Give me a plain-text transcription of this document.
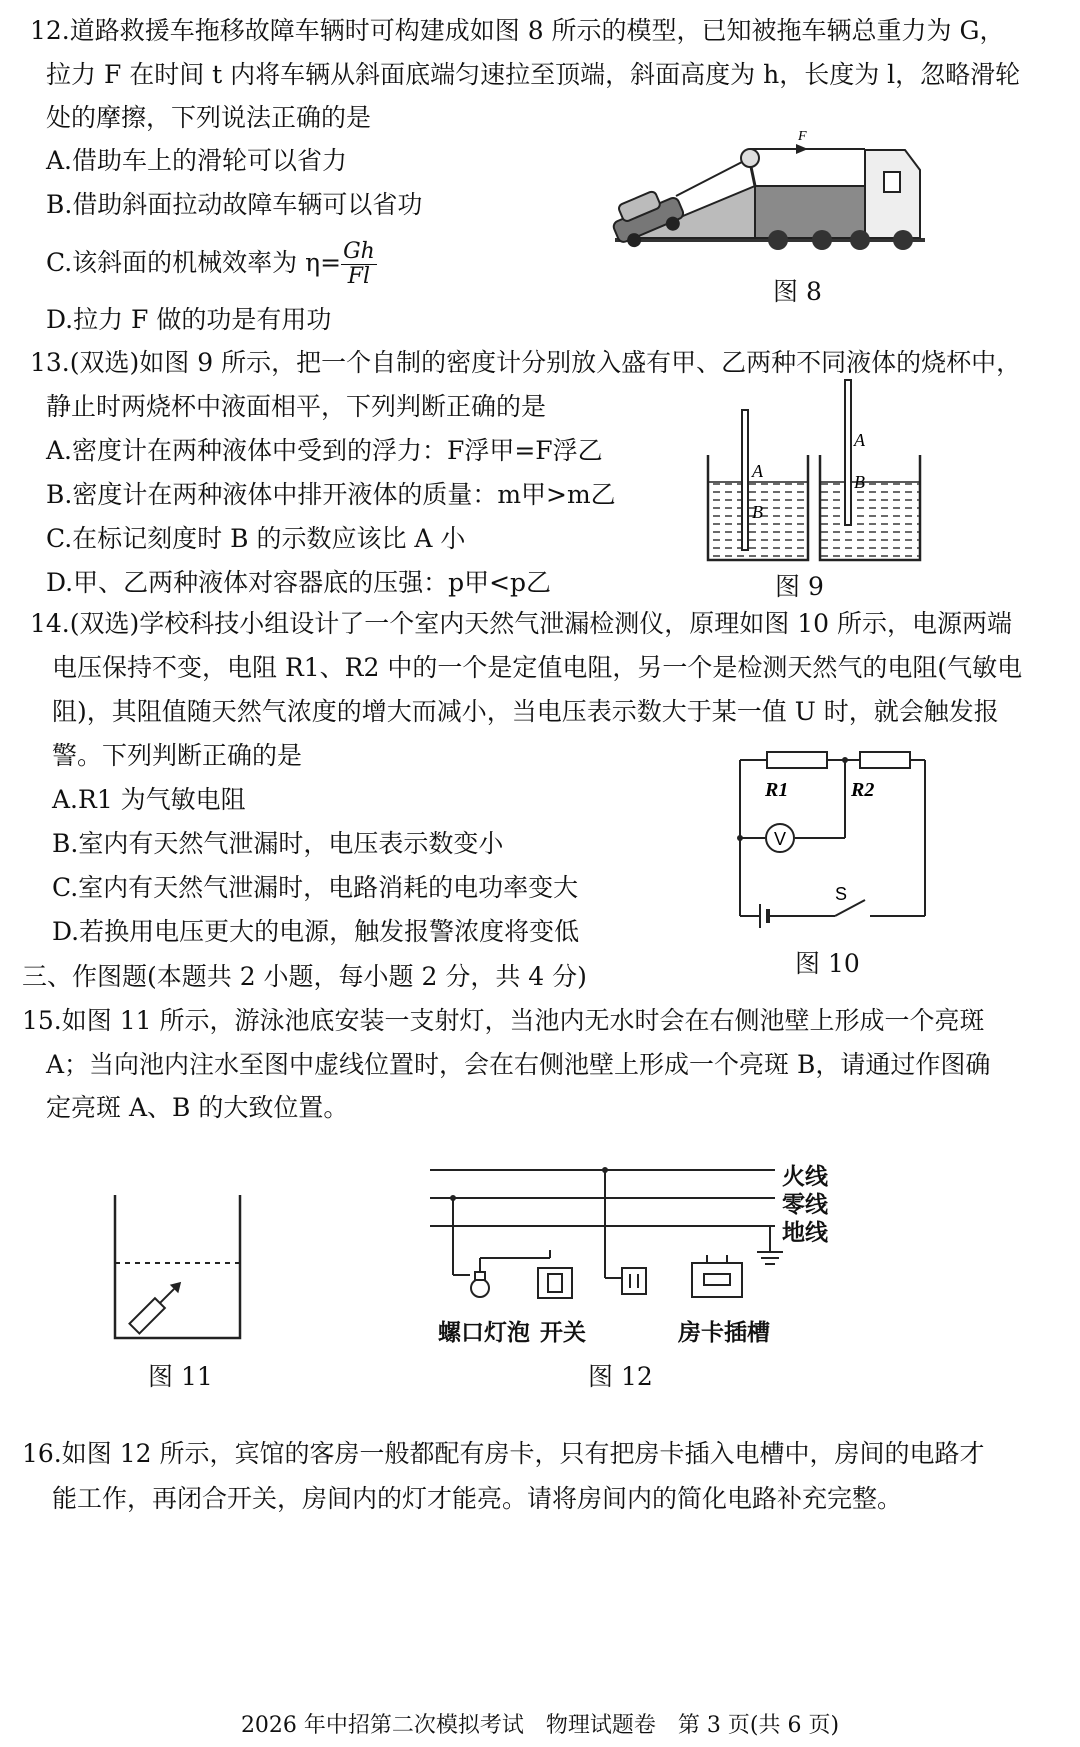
12.道路救援车拖移故障车辆时可构建成如图 8 所示的模型，已知被拖车辆总重力为 G，
拉力 F 在时间 t 内将车辆从斜面底端匀速拉至顶端，斜面高度为 h，长度为 l，忽略滑轮
处的摩擦，下列说法正确的是
A.借助车上的滑轮可以省力
B.借助斜面拉动故障车辆可以省功
C.该斜面的机械效率为 $\eta= \frac{Gh}{Fl}$
D.拉力 F 做的功是有用功
F
图 8
13.(双选)如图 9 所示，把一个自制的密度计分别放入盛有甲、乙两种不同液体的烧杯中，
静止时两烧杯中液面相平，下列判断正确的是
A.密度计在两种液体中受到的浮力：F浮甲=F浮乙
B.密度计在两种液体中排开液体的质量：m甲>m乙
C.在标记刻度时 B 的示数应该比 A 小
D.甲、乙两种液体对容器底的压强：p甲<p乙
A
B
A
B
图 9
14.(双选)学校科技小组设计了一个室内天然气泄漏检测仪，原理如图 10 所示，电源两端
电压保持不变，电阻 R1、R2 中的一个是定值电阻，另一个是检测天然气的电阻(气敏电
阻)，其阻值随天然气浓度的增大而减小，当电压表示数大于某一值 U 时，就会触发报
警。下列判断正确的是
A.R1 为气敏电阻
B.室内有天然气泄漏时，电压表示数变小
C.室内有天然气泄漏时，电路消耗的电功率变大
D.若换用电压更大的电源，触发报警浓度将变低
R1	R2
V
S
图 10
三、作图题(本题共 2 小题，每小题 2 分，共 4 分)
15.如图 11 所示，游泳池底安装一支射灯，当池内无水时会在右侧池壁上形成一个亮斑
A；当向池内注水至图中虚线位置时，会在右侧池壁上形成一个亮斑 B，请通过作图确
定亮斑 A、B 的大致位置。
图 11
火线
零线
地线
螺口灯泡 开关	房卡插槽
图 12
16.如图 12 所示，宾馆的客房一般都配有房卡，只有把房卡插入电槽中，房间的电路才
能工作，再闭合开关，房间内的灯才能亮。请将房间内的简化电路补充完整。
2026 年中招第二次模拟考试　物理试题卷　第 3 页(共 6 页)
